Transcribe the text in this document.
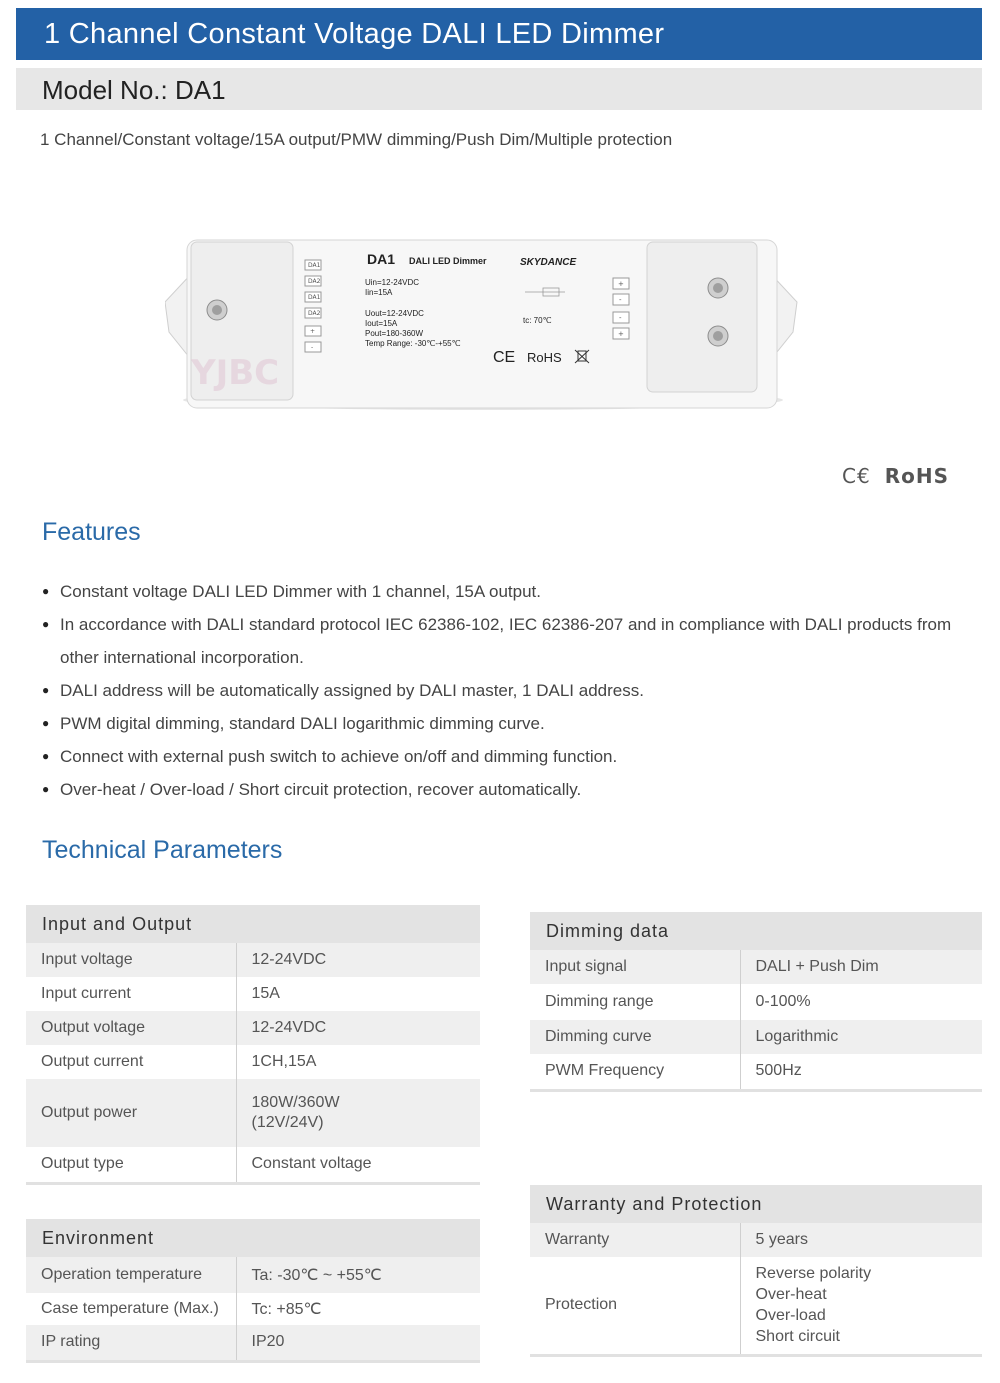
1 Channel Constant Voltage DALI LED Dimmer
Model No.: DA1
1 Channel/Constant voltage/15A output/PMW dimming/Push Dim/Multiple protection
DA1
DA2
DA1
DA2
+
-
+
-
-
+
DA1 DALI LED Dimmer	SKYDANCE
Uin=12-24VDC
Iin=15A
Uout=12-24VDC
Iout=15A
Pout=180-360W
Temp Range: -30℃-+55℃
tc: 70℃
CE RoHS
YJBC
C€ RoHS
Features
● Constant voltage DALI LED Dimmer with 1 channel, 15A output.
● In accordance with DALI standard protocol IEC 62386-102, IEC 62386-207 and in compliance with DALI products from other international incorporation.
● DALI address will be automatically assigned by DALI master, 1 DALI address.
● PWM digital dimming, standard DALI logarithmic dimming curve.
● Connect with external push switch to achieve on/off and dimming function.
● Over-heat / Over-load / Short circuit protection, recover automatically.
Technical Parameters
Input and Output	
Input voltage	12-24VDC
Input current	15A
Output voltage	12-24VDC
Output current	1CH,15A
Output power	180W/360W
(12V/24V)
Output type	Constant voltage
Environment	
Operation temperature	Ta: -30℃ ~ +55℃
Case temperature (Max.)	Tc: +85℃
IP rating	IP20
Dimming data	
Input signal	DALI + Push Dim
Dimming range	0-100%
Dimming curve	Logarithmic
PWM Frequency	500Hz
Warranty and Protection	
Warranty	5 years
Protection	Reverse polarity
Over-heat
Over-load
Short circuit
